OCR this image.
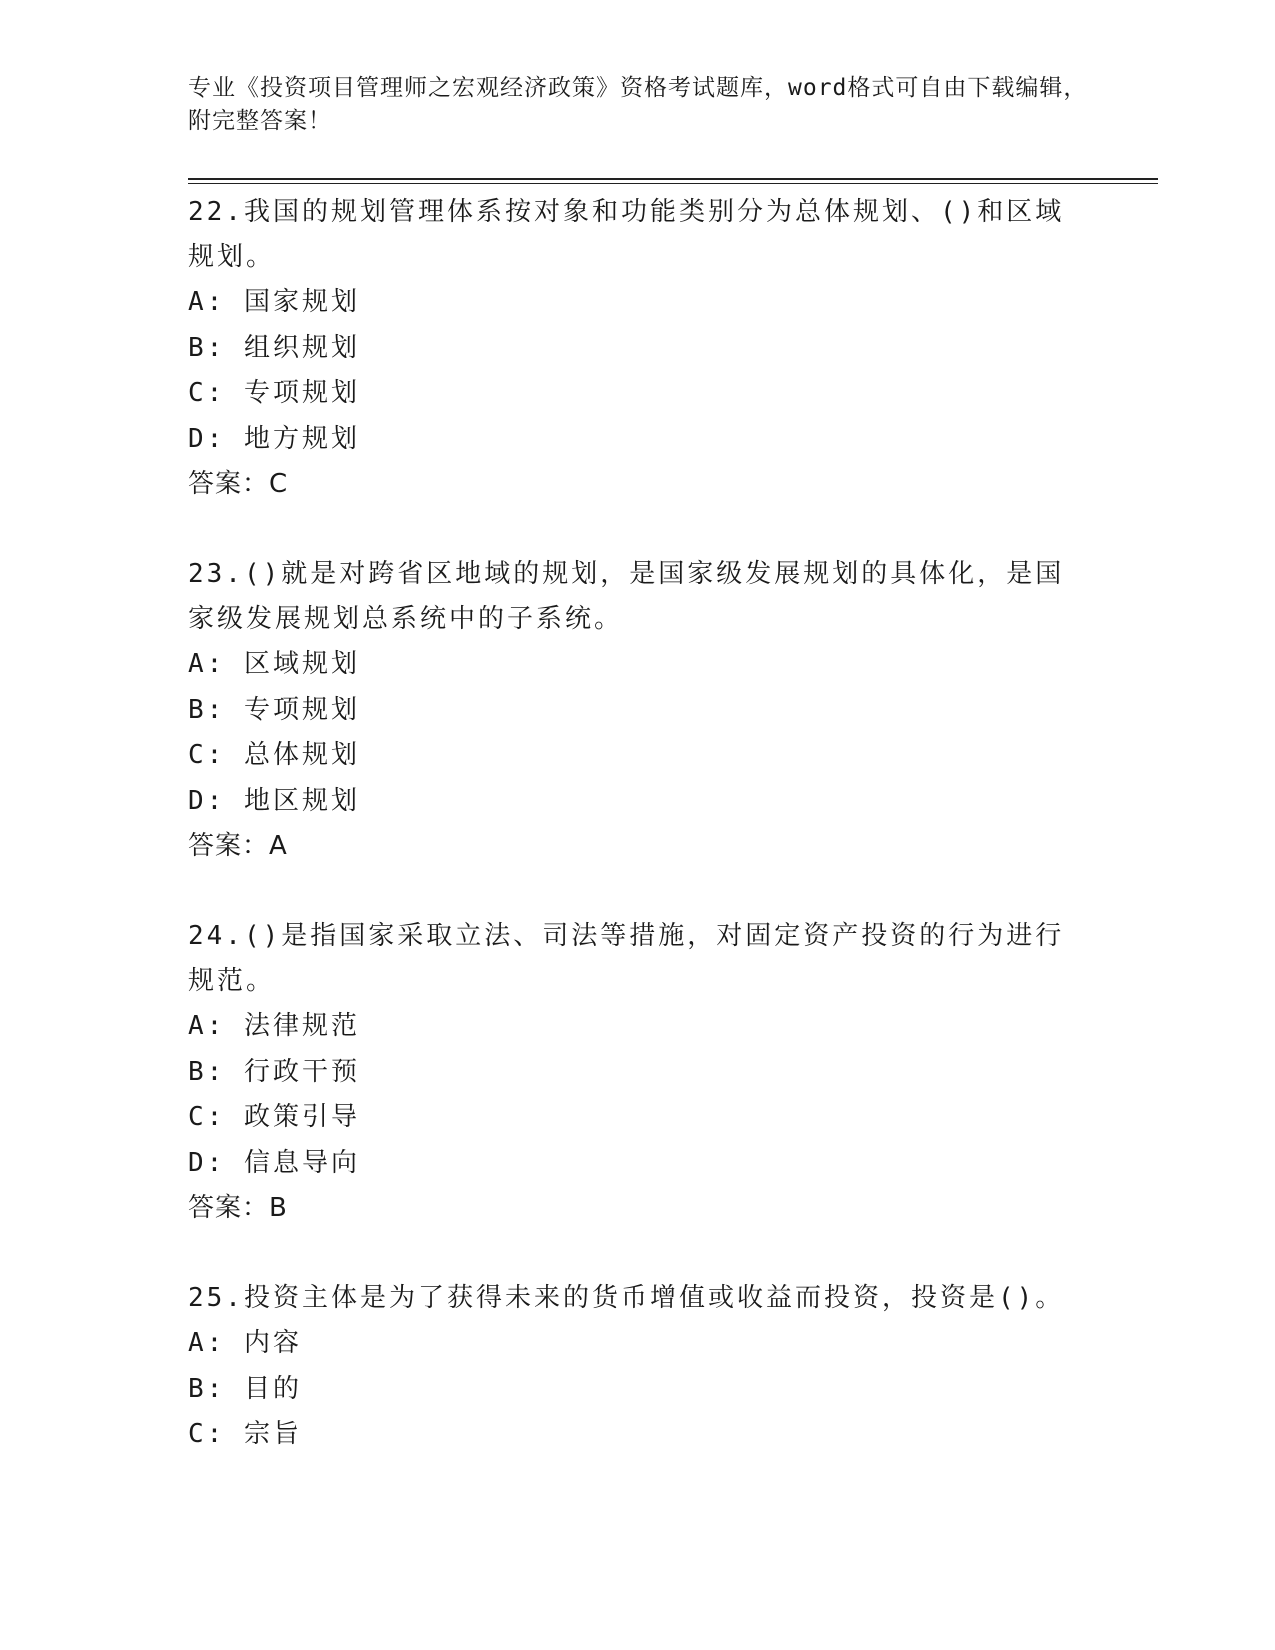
专业《投资项目管理师之宏观经济政策》资格考试题库，word格式可自由下载编辑，附完整答案！
22.我国的规划管理体系按对象和功能类别分为总体规划、()和区域规划。
A: 国家规划
B: 组织规划
C: 专项规划
D: 地方规划
答案：C
23.()就是对跨省区地域的规划，是国家级发展规划的具体化，是国家级发展规划总系统中的子系统。
A: 区域规划
B: 专项规划
C: 总体规划
D: 地区规划
答案：A
24.()是指国家采取立法、司法等措施，对固定资产投资的行为进行规范。
A: 法律规范
B: 行政干预
C: 政策引导
D: 信息导向
答案：B
25.投资主体是为了获得未来的货币增值或收益而投资，投资是()。
A: 内容
B: 目的
C: 宗旨
